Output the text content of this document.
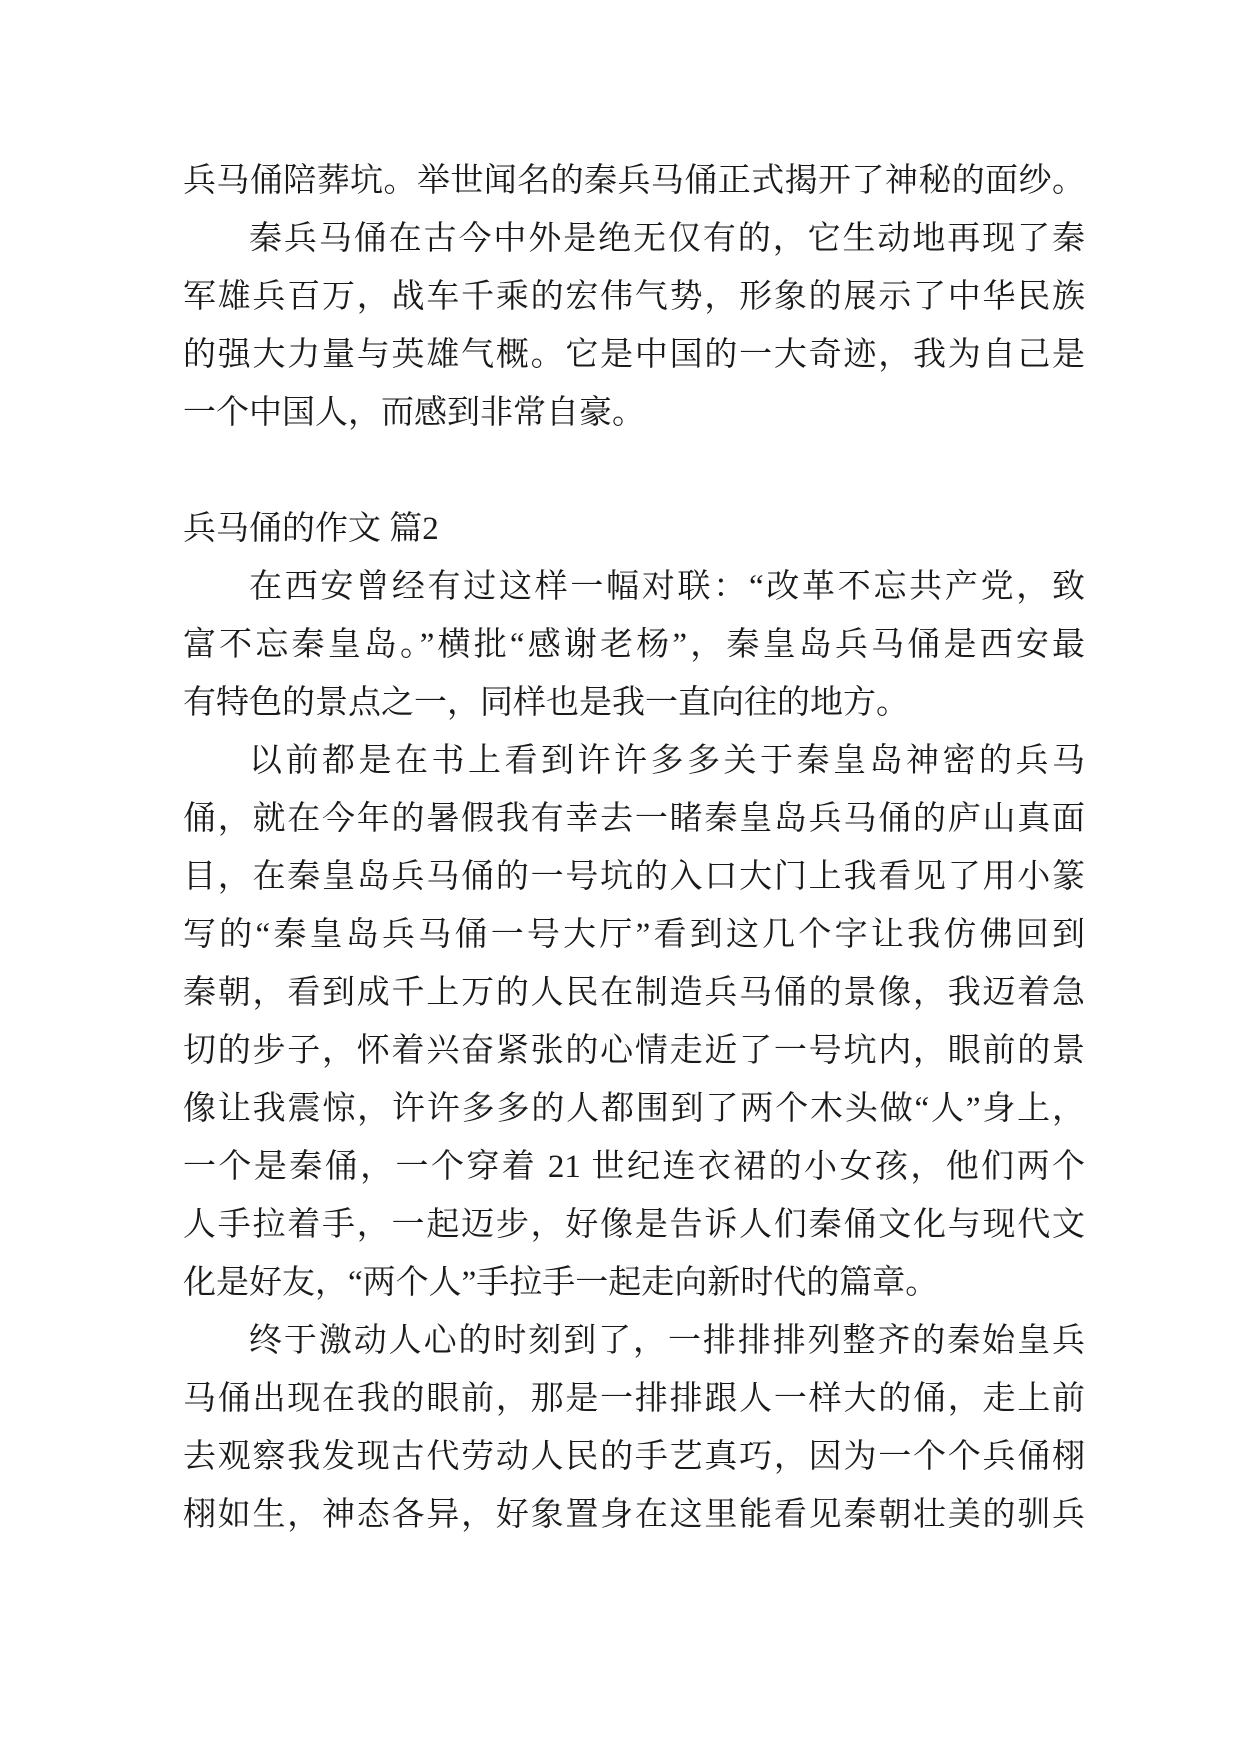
兵马俑陪葬坑。举世闻名的秦兵马俑正式揭开了神秘的面纱。
秦兵马俑在古今中外是绝无仅有的，它生动地再现了秦
军雄兵百万，战车千乘的宏伟气势，形象的展示了中华民族
的强大力量与英雄气概。它是中国的一大奇迹，我为自己是
一个中国人，而感到非常自豪。
兵马俑的作文 篇2
在西安曾经有过这样一幅对联：“改革不忘共产党，致
富不忘秦皇岛。”横批“感谢老杨”，秦皇岛兵马俑是西安最
有特色的景点之一，同样也是我一直向往的地方。
以前都是在书上看到许许多多关于秦皇岛神密的兵马
俑，就在今年的暑假我有幸去一睹秦皇岛兵马俑的庐山真面
目，在秦皇岛兵马俑的一号坑的入口大门上我看见了用小篆
写的“秦皇岛兵马俑一号大厅”看到这几个字让我仿佛回到
秦朝，看到成千上万的人民在制造兵马俑的景像，我迈着急
切的步子，怀着兴奋紧张的心情走近了一号坑内，眼前的景
像让我震惊，许许多多的人都围到了两个木头做“人”身上，
一个是秦俑，一个穿着 21 世纪连衣裙的小女孩，他们两个
人手拉着手，一起迈步，好像是告诉人们秦俑文化与现代文
化是好友，“两个人”手拉手一起走向新时代的篇章。
终于激动人心的时刻到了，一排排排列整齐的秦始皇兵
马俑出现在我的眼前，那是一排排跟人一样大的俑，走上前
去观察我发现古代劳动人民的手艺真巧，因为一个个兵俑栩
栩如生，神态各异，好象置身在这里能看见秦朝壮美的驯兵
